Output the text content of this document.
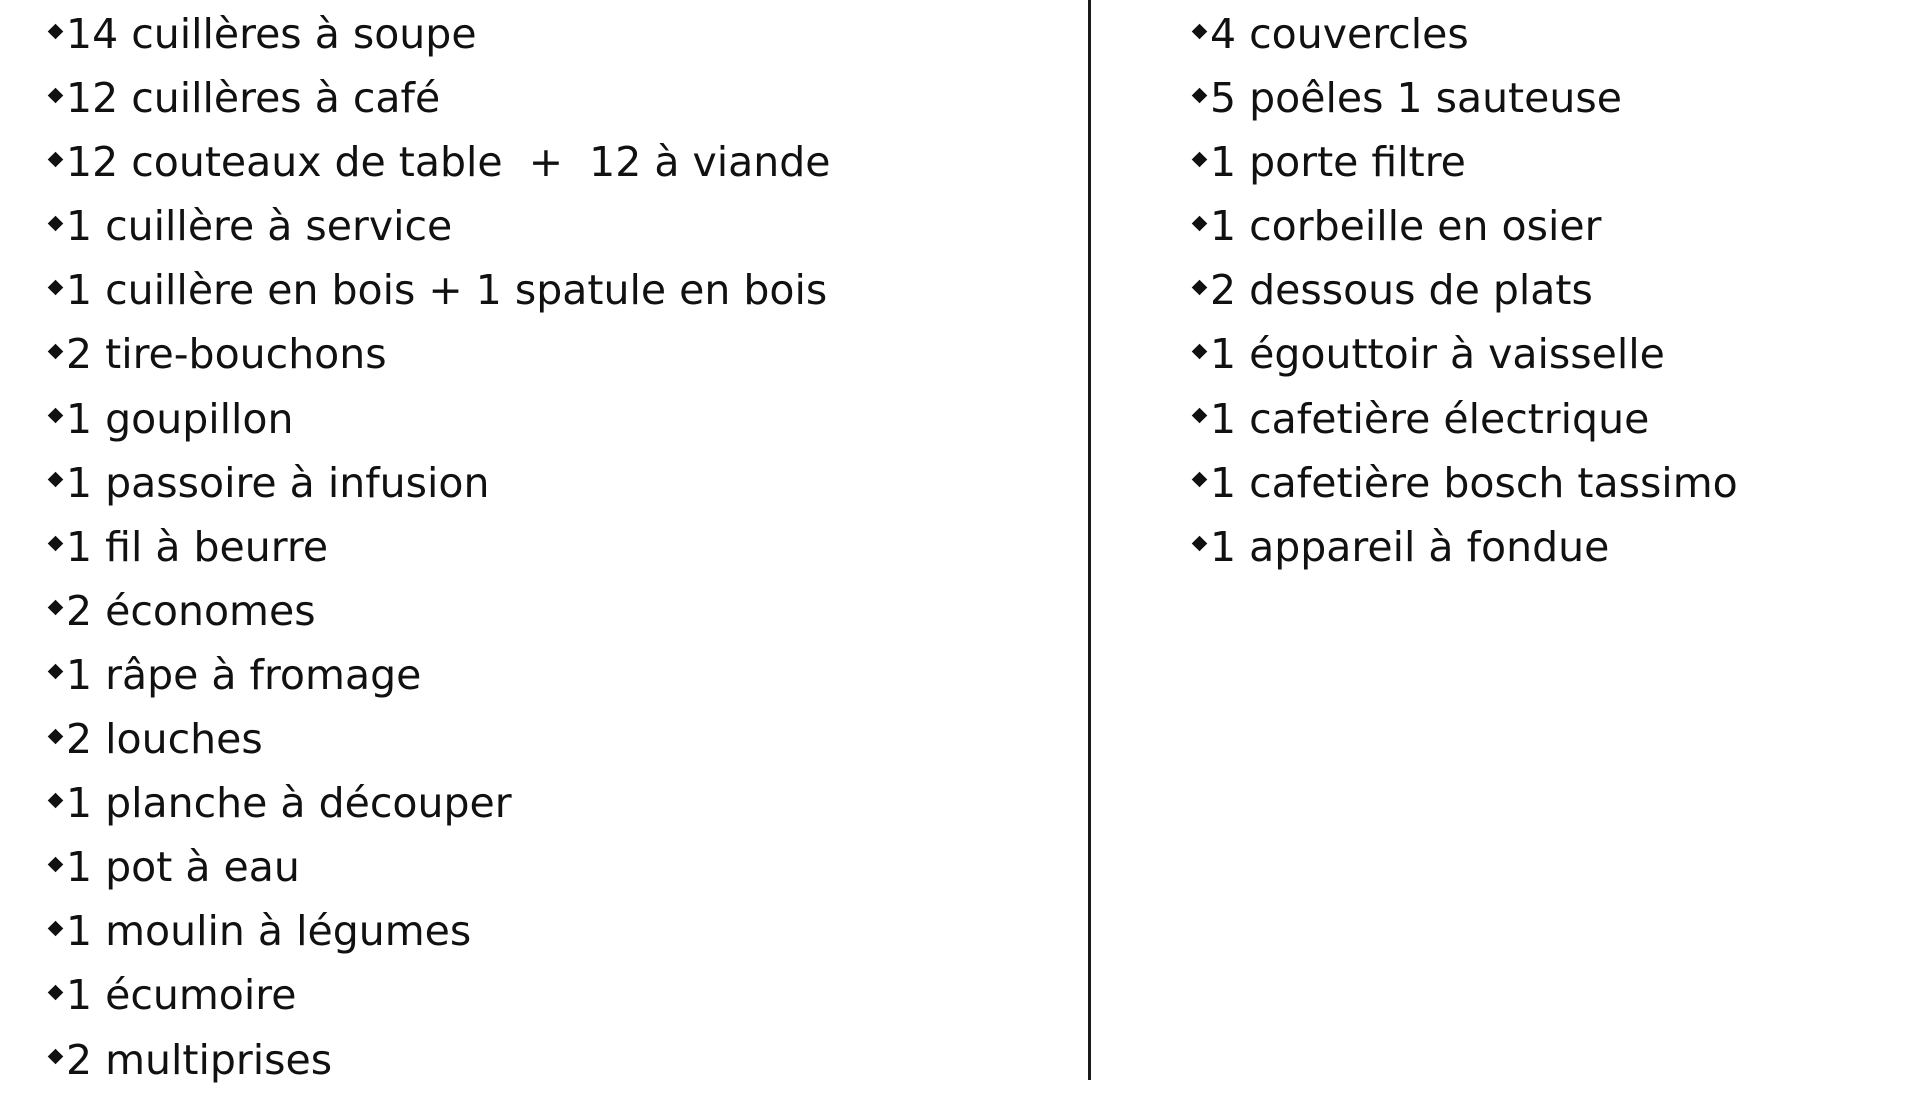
14 cuillères à soupe
12 cuillères à café
12 couteaux de table  +  12 à viande
1 cuillère à service
1 cuillère en bois + 1 spatule en bois
2 tire-bouchons
1 goupillon
1 passoire à infusion
1 fil à beurre
2 économes
1 râpe à fromage
2 louches
1 planche à découper
1 pot à eau
1 moulin à légumes
1 écumoire
2 multiprises
4 couvercles
5 poêles 1 sauteuse
1 porte filtre
1 corbeille en osier
2 dessous de plats
1 égouttoir à vaisselle
1 cafetière électrique
1 cafetière bosch tassimo
1 appareil à fondue
